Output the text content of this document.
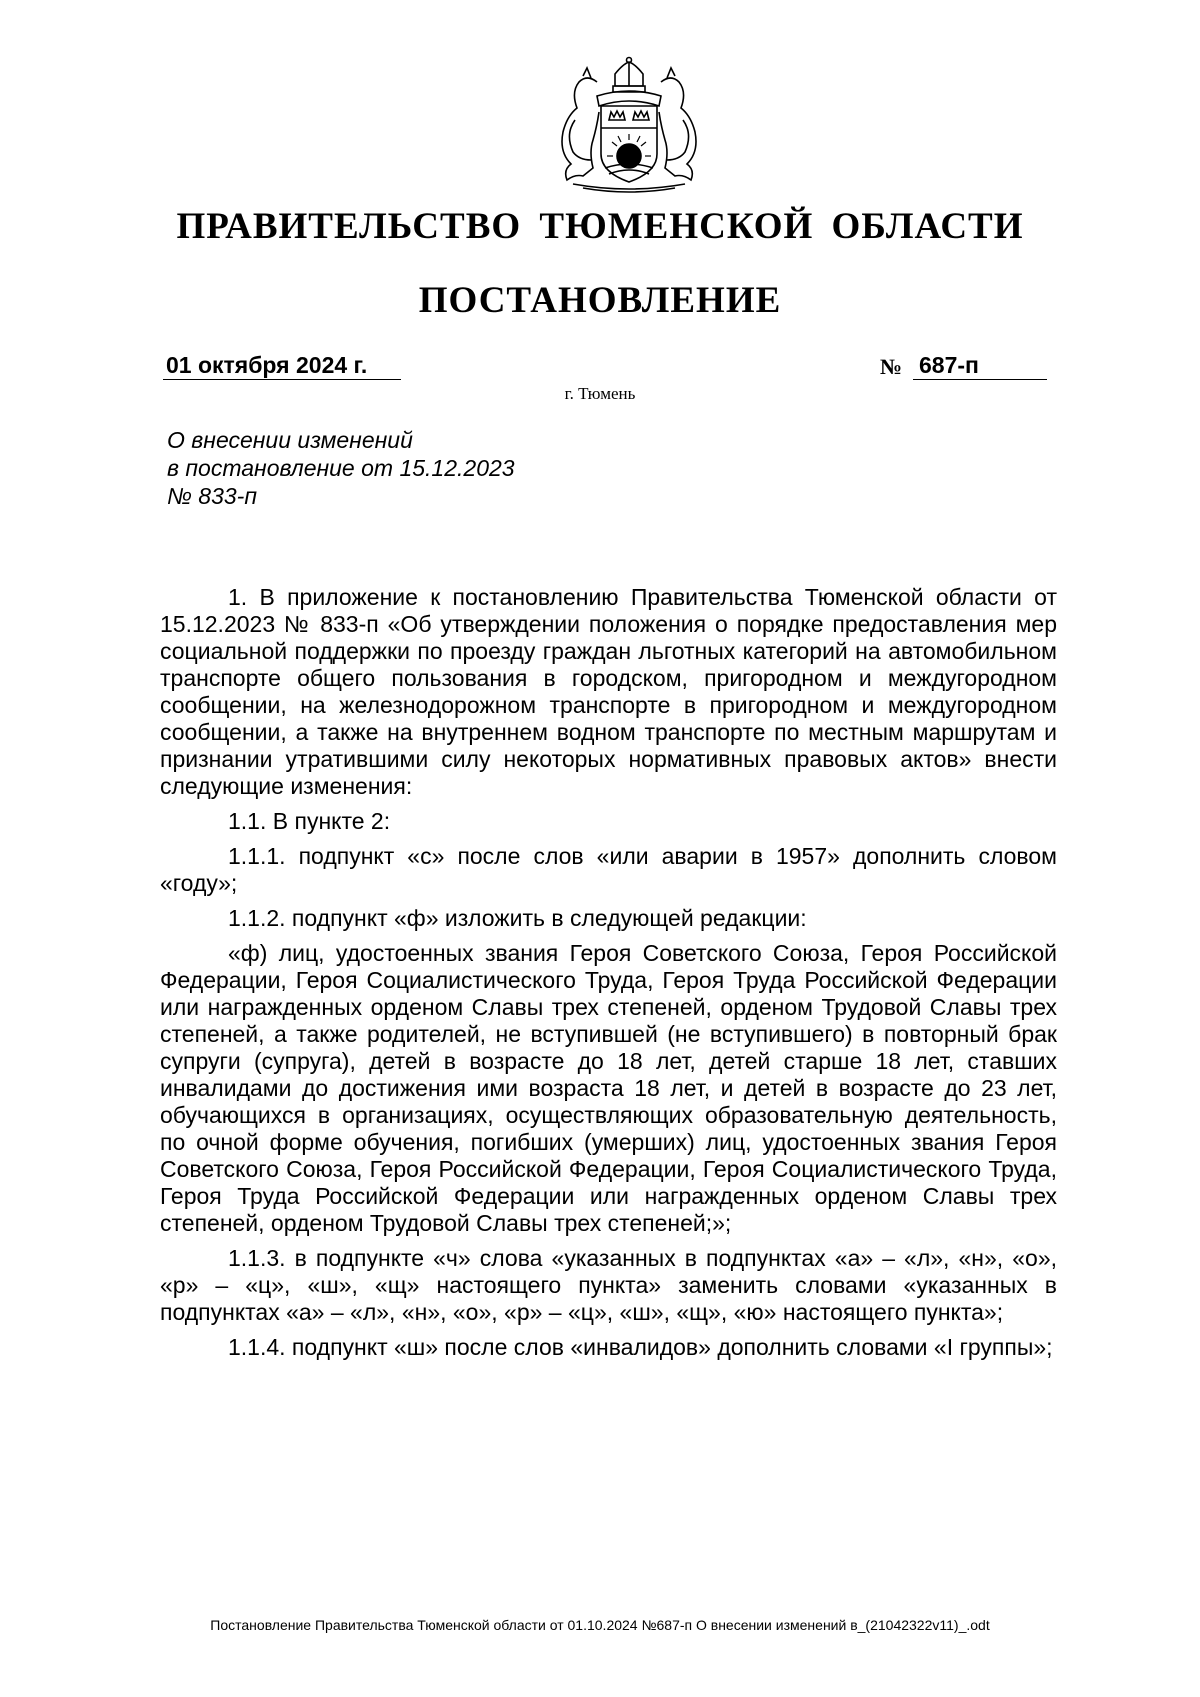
ПРАВИТЕЛЬСТВО ТЮМЕНСКОЙ ОБЛАСТИ
ПОСТАНОВЛЕНИЕ
01 октября 2024 г.	№ 687-п
г. Тюмень
О внесении изменений
в постановление от 15.12.2023
№ 833-п

1. В приложение к постановлению Правительства Тюменской области от 15.12.2023 № 833-п «Об утверждении положения о порядке предоставления мер социальной поддержки по проезду граждан льготных категорий на автомобильном транспорте общего пользования в городском, пригородном и междугородном сообщении, на железнодорожном транспорте в пригородном и междугородном сообщении, а также на внутреннем водном транспорте по местным маршрутам и признании утратившими силу некоторых нормативных правовых актов» внести следующие изменения:

1.1. В пункте 2:

1.1.1. подпункт «с» после слов «или аварии в 1957» дополнить словом «году»;

1.1.2. подпункт «ф» изложить в следующей редакции:

«ф) лиц, удостоенных звания Героя Советского Союза, Героя Российской Федерации, Героя Социалистического Труда, Героя Труда Российской Федерации или награжденных орденом Славы трех степеней, орденом Трудовой Славы трех степеней, а также родителей, не вступившей (не вступившего) в повторный брак супруги (супруга), детей в возрасте до 18 лет, детей старше 18 лет, ставших инвалидами до достижения ими возраста 18 лет, и детей в возрасте до 23 лет, обучающихся в организациях, осуществляющих образовательную деятельность, по очной форме обучения, погибших (умерших) лиц, удостоенных звания Героя Советского Союза, Героя Российской Федерации, Героя Социалистического Труда, Героя Труда Российской Федерации или награжденных орденом Славы трех степеней, орденом Трудовой Славы трех степеней;»;

1.1.3. в подпункте «ч» слова «указанных в подпунктах «а» – «л», «н», «о», «р» – «ц», «ш», «щ» настоящего пункта» заменить словами «указанных в подпунктах «а» – «л», «н», «о», «р» – «ц», «ш», «щ», «ю» настоящего пункта»;

1.1.4. подпункт «ш» после слов «инвалидов» дополнить словами «I группы»;

Постановление Правительства Тюменской области от 01.10.2024 №687-п О внесении изменений в_(21042322v11)_.odt
